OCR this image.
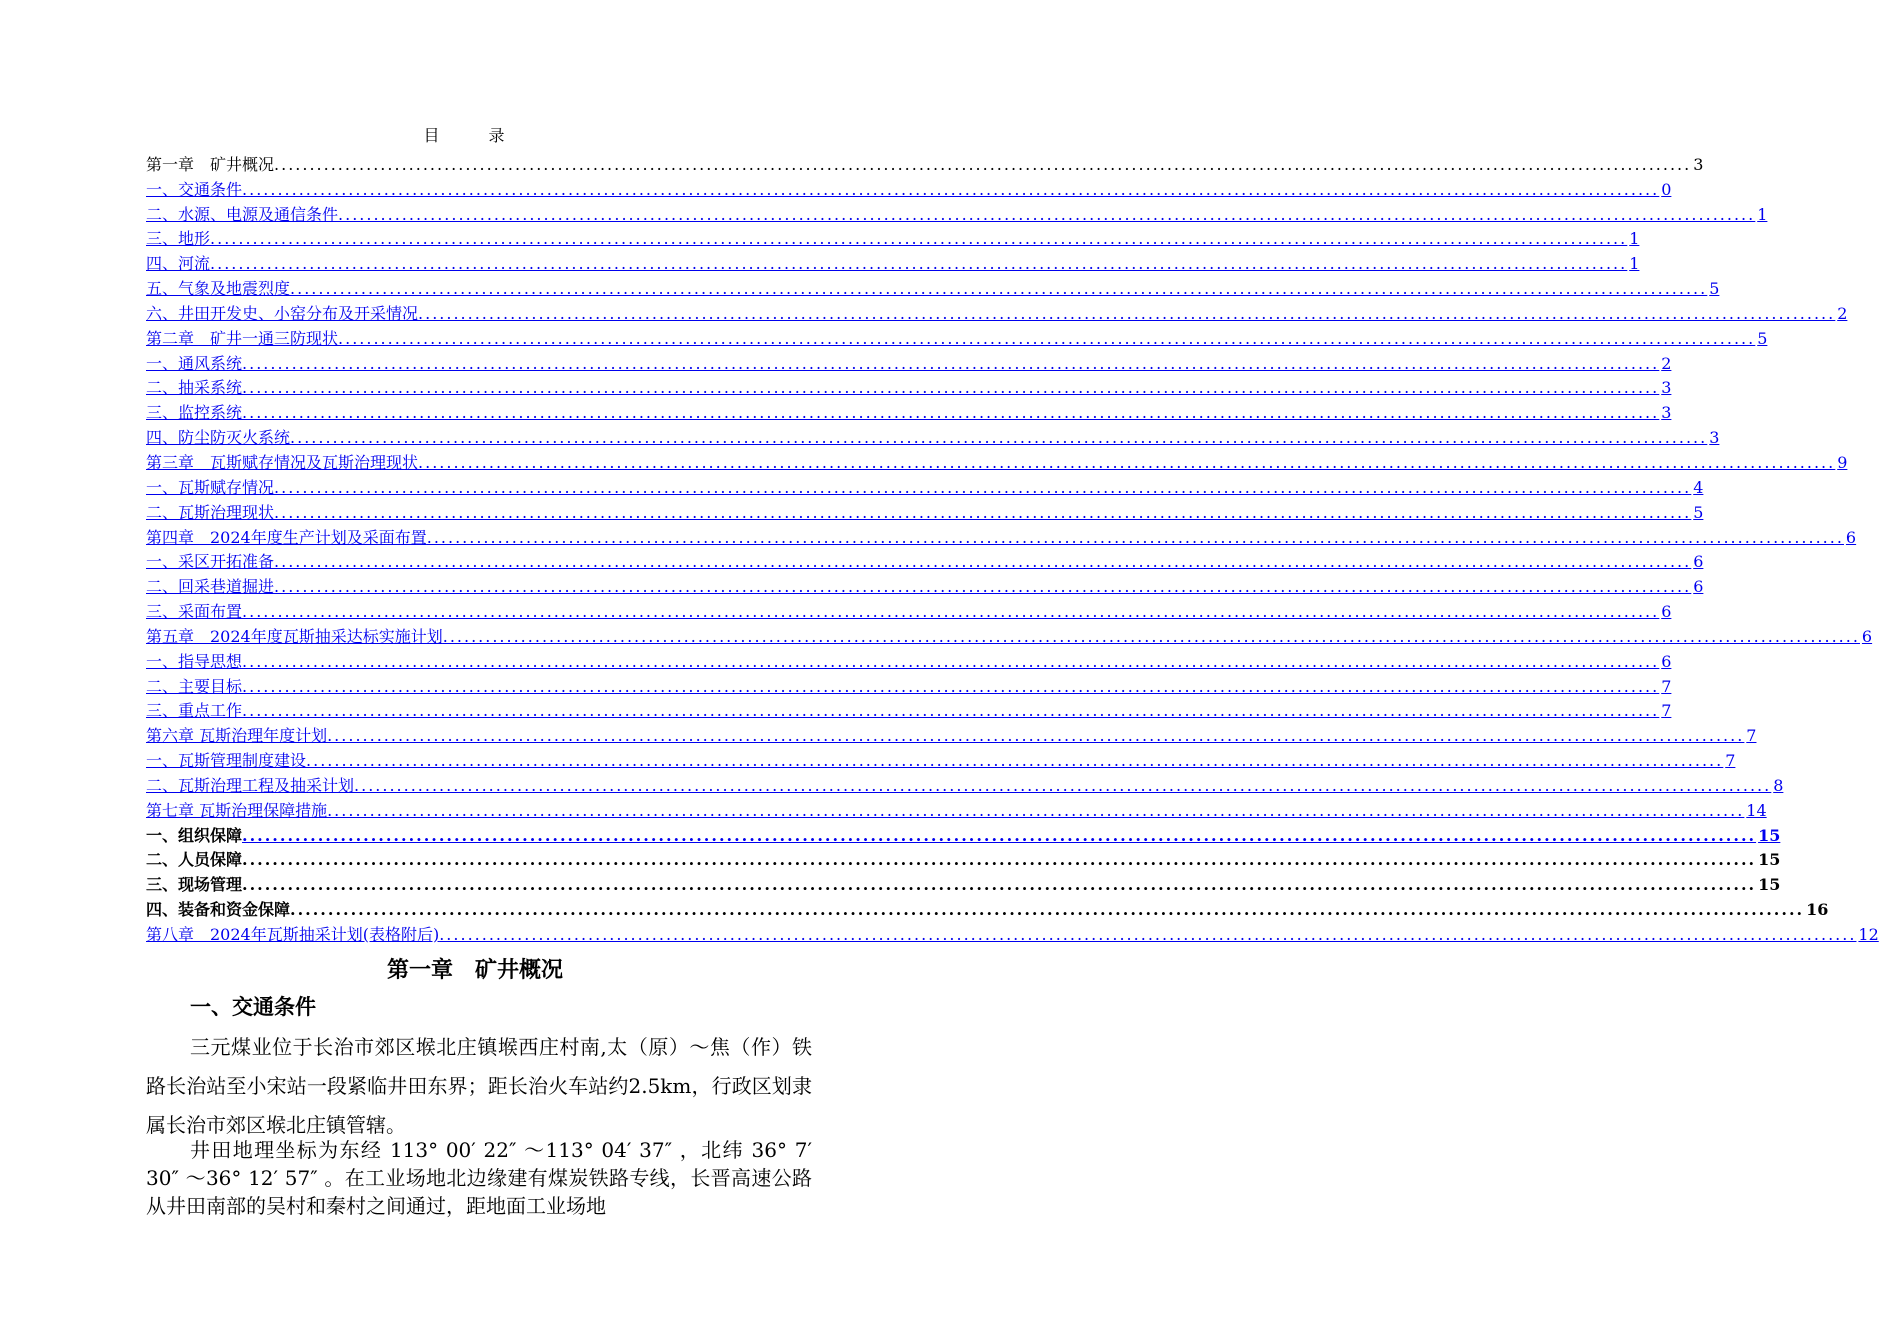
目 录
第一章　矿井概况 ........................................................................................................................................................................................................ 3
一、交通条件 ........................................................................................................................................................................................................ 0
二、水源、电源及通信条件 ........................................................................................................................................................................................................ 1
三、地形 ........................................................................................................................................................................................................ 1
四、河流 ........................................................................................................................................................................................................ 1
五、气象及地震烈度 ........................................................................................................................................................................................................ 5
六、井田开发史、小窑分布及开采情况 ........................................................................................................................................................................................................ 2
第二章　矿井一通三防现状 ........................................................................................................................................................................................................ 5
一、通风系统 ........................................................................................................................................................................................................ 2
二、抽采系统 ........................................................................................................................................................................................................ 3
三、监控系统 ........................................................................................................................................................................................................ 3
四、防尘防灭火系统 ........................................................................................................................................................................................................ 3
第三章　瓦斯赋存情况及瓦斯治理现状 ........................................................................................................................................................................................................ 9
一、瓦斯赋存情况 ........................................................................................................................................................................................................ 4
二、瓦斯治理现状 ........................................................................................................................................................................................................ 5
第四章　2024年度生产计划及采面布置 ........................................................................................................................................................................................................ 6
一、采区开拓准备 ........................................................................................................................................................................................................ 6
二、回采巷道掘进 ........................................................................................................................................................................................................ 6
三、采面布置 ........................................................................................................................................................................................................ 6
第五章　2024年度瓦斯抽采达标实施计划 ........................................................................................................................................................................................................ 6
一、指导思想 ........................................................................................................................................................................................................ 6
二、主要目标 ........................................................................................................................................................................................................ 7
三、重点工作 ........................................................................................................................................................................................................ 7
第六章 瓦斯治理年度计划 ........................................................................................................................................................................................................ 7
一、瓦斯管理制度建设 ........................................................................................................................................................................................................ 7
二、瓦斯治理工程及抽采计划 ........................................................................................................................................................................................................ 8
第七章 瓦斯治理保障措施 ........................................................................................................................................................................................................ 14
一、组织保障 ........................................................................................................................................................................................................ 15
二、人员保障 ........................................................................................................................................................................................................ 15
三、现场管理 ........................................................................................................................................................................................................ 15
四、装备和资金保障 ........................................................................................................................................................................................................ 16
第八章　2024年瓦斯抽采计划(表格附后) ........................................................................................................................................................................................................ 12
第一章　矿井概况
一、交通条件
三元煤业位于长治市郊区堠北庄镇堠西庄村南,太（原）～焦（作）铁路长治站至小宋站一段紧临井田东界；距长治火车站约2.5km，行政区划隶属长治市郊区堠北庄镇管辖。
井田地理坐标为东经 113° 00′ 22″ ～113° 04′ 37″ ，北纬 36° 7′ 30″ ～36° 12′ 57″ 。在工业场地北边缘建有煤炭铁路专线，长晋高速公路从井田南部的吴村和秦村之间通过，距地面工业场地
